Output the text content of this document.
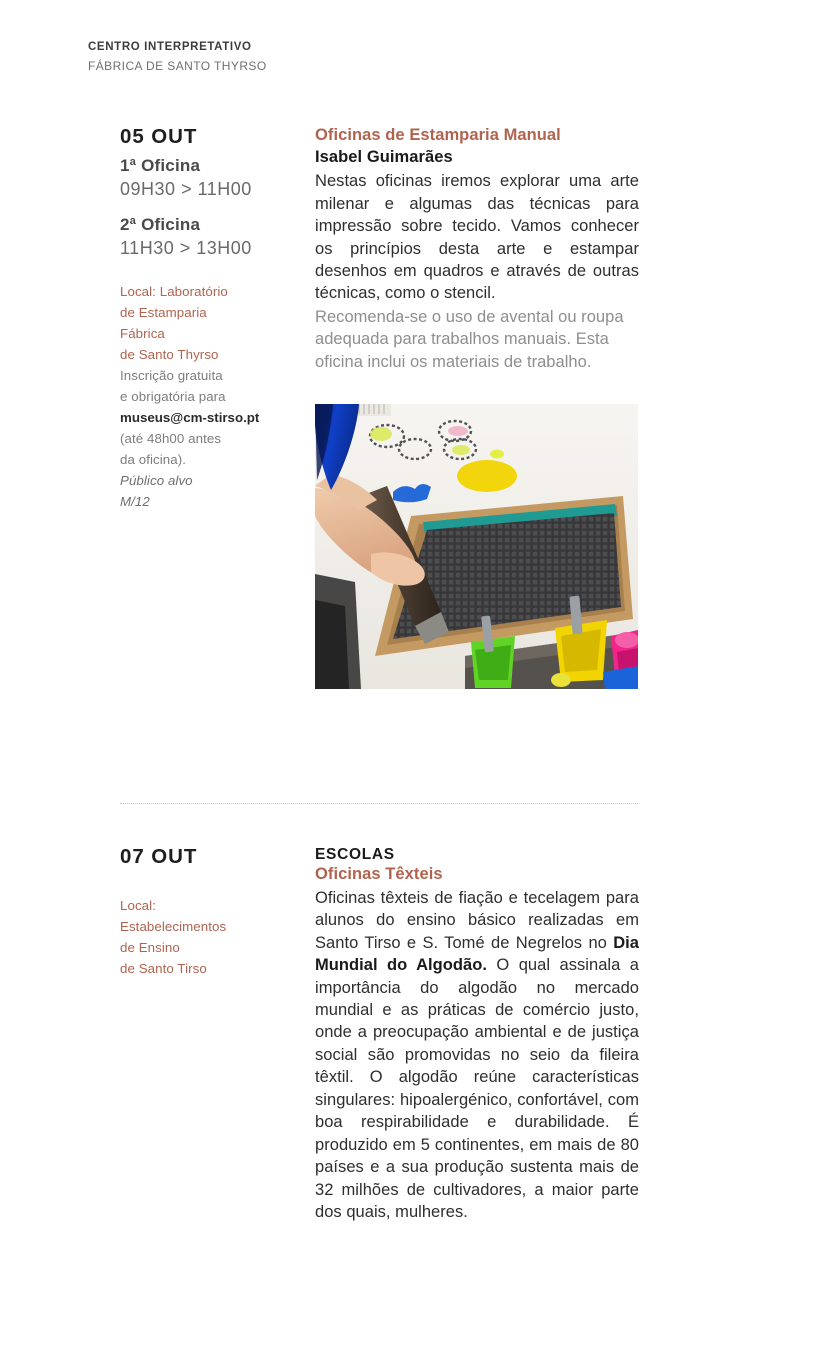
CENTRO INTERPRETATIVO
FÁBRICA DE SANTO THYRSO
05 OUT
1ª Oficina
09H30 > 11H00
2ª Oficina
11H30 > 13H00
Local: Laboratório
de Estamparia
Fábrica
de Santo Thyrso
Inscrição gratuita
e obrigatória para
museus@cm-stirso.pt
(até 48h00 antes
da oficina).
Público alvo
M/12
Oficinas de Estamparia Manual
Isabel Guimarães
Nestas oficinas iremos explorar uma arte milenar e algumas das técnicas para impressão sobre tecido. Vamos conhecer os princípios desta arte e estampar desenhos em quadros e através de outras técnicas, como o stencil.
Recomenda-se o uso de avental ou roupa adequada para trabalhos manuais. Esta oficina inclui os materiais de trabalho.
07 OUT
Local:
Estabelecimentos
de Ensino
de Santo Tirso
ESCOLAS
Oficinas Têxteis
Oficinas têxteis de fiação e tecelagem para alunos do ensino básico realizadas em Santo Tirso e S. Tomé de Negrelos no Dia Mundial do Algodão. O qual assinala a importância do algodão no mercado mundial e as práticas de comércio justo, onde a preocupação ambiental e de justiça social são promovidas no seio da fileira têxtil. O algodão reúne características singulares: hipoalergénico, confortável, com boa respirabilidade e durabilidade. É produzido em 5 continentes, em mais de 80 países e a sua produção sustenta mais de 32 milhões de cultivadores, a maior parte dos quais, mulheres.
